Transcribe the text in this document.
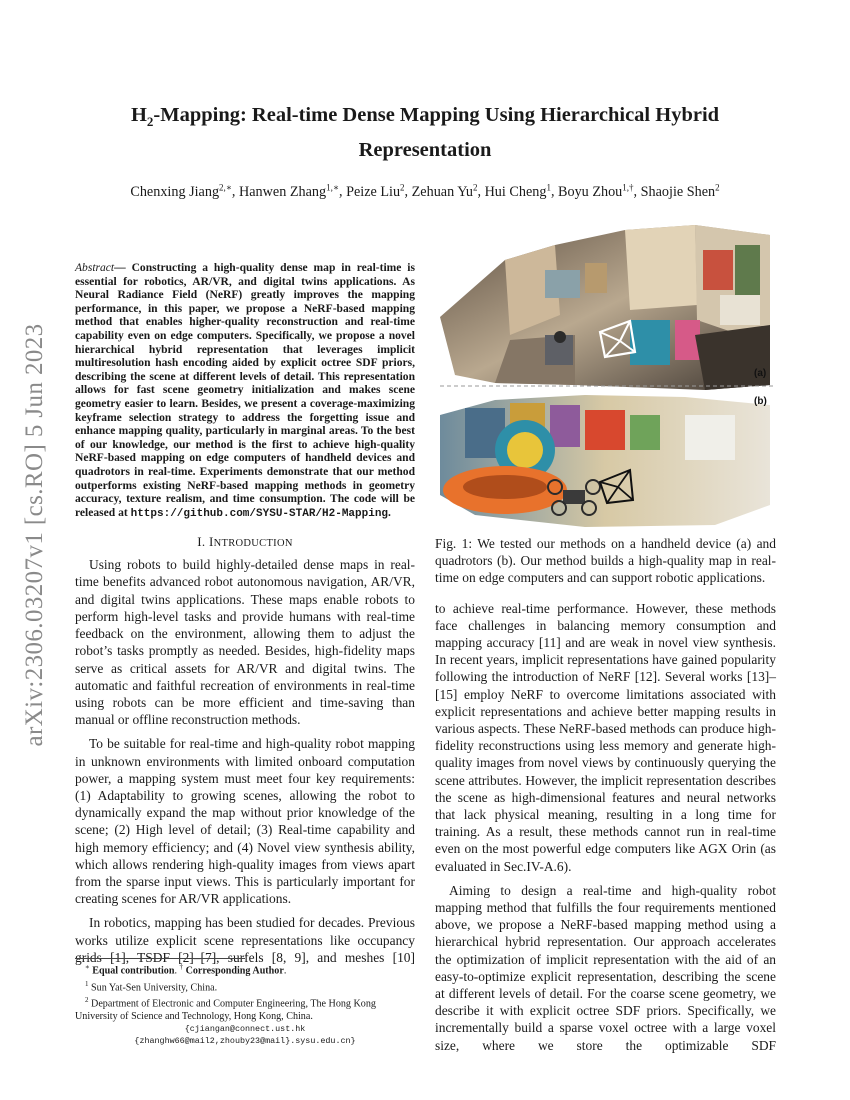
arXiv:2306.03207v1 [cs.RO] 5 Jun 2023
$H_2$-Mapping: Real-time Dense Mapping Using Hierarchical Hybrid Representation
Chenxing Jiang$^{2,∗}$, Hanwen Zhang$^{1,∗}$, Peize Liu$^2$, Zehuan Yu$^2$, Hui Cheng$^1$, Boyu Zhou$^{1,\dagger}$, Shaojie Shen$^2$

Abstract— Constructing a high-quality dense map in real-time is essential for robotics, AR/VR, and digital twins applications. As Neural Radiance Field (NeRF) greatly improves the mapping performance, in this paper, we propose a NeRF-based mapping method that enables higher-quality reconstruction and real-time capability even on edge computers. Specifically, we propose a novel hierarchical hybrid representation that leverages implicit multiresolution hash encoding aided by explicit octree SDF priors, describing the scene at different levels of detail. This representation allows for fast scene geometry initialization and makes scene geometry easier to learn. Besides, we present a coverage-maximizing keyframe selection strategy to address the forgetting issue and enhance mapping quality, particularly in marginal areas. To the best of our knowledge, our method is the first to achieve high-quality NeRF-based mapping on edge computers of handheld devices and quadrotors in real-time. Experiments demonstrate that our method outperforms existing NeRF-based mapping methods in geometry accuracy, texture realism, and time consumption. The code will be released at https://github.com/SYSU-STAR/H2-Mapping.

I. INTRODUCTION

Using robots to build highly-detailed dense maps in real-time benefits advanced robot autonomous navigation, AR/VR, and digital twins applications. These maps enable robots to perform high-level tasks and provide humans with real-time feedback on the environment, allowing them to adjust the robot’s tasks promptly as needed. Besides, high-fidelity maps serve as critical assets for AR/VR and digital twins. The automatic and faithful recreation of environments in real-time using robots can be more efficient and time-saving than manual or offline reconstruction methods.

To be suitable for real-time and high-quality robot mapping in unknown environments with limited onboard computation power, a mapping system must meet four key requirements: (1) Adaptability to growing scenes, allowing the robot to dynamically expand the map without prior knowledge of the scene; (2) High level of detail; (3) Real-time capability and high memory efficiency; and (4) Novel view synthesis ability, which allows rendering high-quality images from views apart from the sparse input views. This is particularly important for creating scenes for AR/VR applications.

In robotics, mapping has been studied for decades. Previous works utilize explicit scene representations like occupancy grids [1], TSDF [2]–[7], surfels [8, 9], and meshes [10]

∗ Equal contribution. † Corresponding Author.

$^1$ Sun Yat-Sen University, China.

$^2$ Department of Electronic and Computer Engineering, The Hong Kong University of Science and Technology, Hong Kong, China.

{cjiangan@connect.ust.hk {zhanghw66@mail2,zhouby23@mail}.sysu.edu.cn}

(a)
(b)

Fig. 1: We tested our methods on a handheld device (a) and quadrotors (b). Our method builds a high-quality map in real-time on edge computers and can support robotic applications.

to achieve real-time performance. However, these methods face challenges in balancing memory consumption and mapping accuracy [11] and are weak in novel view synthesis. In recent years, implicit representations have gained popularity following the introduction of NeRF [12]. Several works [13]–[15] employ NeRF to overcome limitations associated with explicit representations and achieve better mapping results in various aspects. These NeRF-based methods can produce high-fidelity reconstructions using less memory and generate high-quality images from novel views by continuously querying the scene attributes. However, the implicit representation describes the scene as high-dimensional features and neural networks that lack physical meaning, resulting in a long time for training. As a result, these methods cannot run in real-time even on the most powerful edge computers like AGX Orin (as evaluated in Sec.IV-A.6).

Aiming to design a real-time and high-quality robot mapping method that fulfills the four requirements mentioned above, we propose a NeRF-based mapping method using a hierarchical hybrid representation. Our approach accelerates the optimization of implicit representation with the aid of an easy-to-optimize explicit representation, describing the scene at different levels of detail. For the coarse scene geometry, we describe it with explicit octree SDF priors. Specifically, we incrementally build a sparse voxel octree with a large voxel size, where we store the optimizable SDF
